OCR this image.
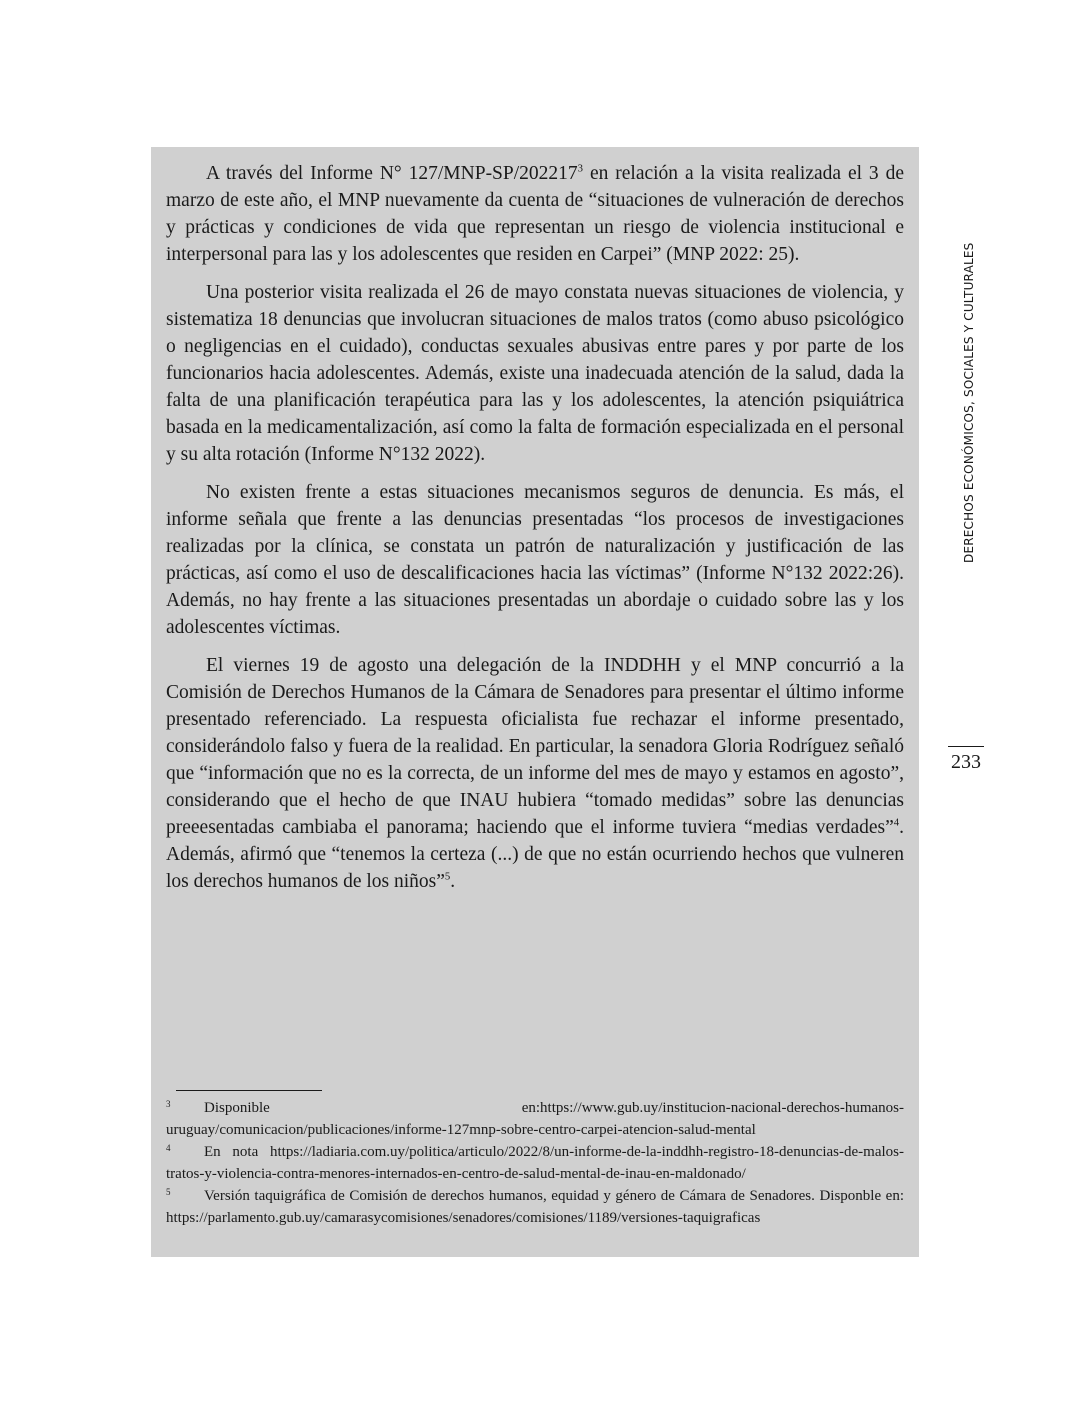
A través del Informe N° 127/MNP-SP/202217$^3$ en relación a la visita realizada el 3 de marzo de este año, el MNP nuevamente da cuenta de “situaciones de vulneración de derechos y prácticas y condiciones de vida que representan un riesgo de violencia institucional e interpersonal para las y los adolescentes que residen en Carpei” (MNP 2022: 25).

Una posterior visita realizada el 26 de mayo constata nuevas situaciones de violencia, y sistematiza 18 denuncias que involucran situaciones de malos tratos (como abuso psicológico o negligencias en el cuidado), conductas sexuales abusivas entre pares y por parte de los funcionarios hacia adolescentes. Además, existe una inadecuada atención de la salud, dada la falta de una planificación terapéutica para las y los adolescentes, la atención psiquiátrica basada en la medicamentalización, así como la falta de formación especializada en el personal y su alta rotación (Informe N°132 2022).

No existen frente a estas situaciones mecanismos seguros de denuncia. Es más, el informe señala que frente a las denuncias presentadas “los procesos de investigaciones realizadas por la clínica, se constata un patrón de naturalización y justificación de las prácticas, así como el uso de descalificaciones hacia las víctimas” (Informe N°132 2022:26). Además, no hay frente a las situaciones presentadas un abordaje o cuidado sobre las y los adolescentes víctimas.

El viernes 19 de agosto una delegación de la INDDHH y el MNP concurrió a la Comisión de Derechos Humanos de la Cámara de Senadores para presentar el último informe presentado referenciado. La respuesta oficialista fue rechazar el informe presentado, considerándolo falso y fuera de la realidad. En particular, la senadora Gloria Rodríguez señaló que “información que no es la correcta, de un informe del mes de mayo y estamos en agosto”, considerando que el hecho de que INAU hubiera “tomado medidas” sobre las denuncias preeesentadas cambiaba el panorama; haciendo que el informe tuviera “medias verdades”$^4$. Además, afirmó que “tenemos la certeza (...) de que no están ocurriendo hechos que vulneren los derechos humanos de los niños”$^5$.

3 Disponible en:https://www.gub.uy/institucion-nacional-derechos-humanos-uruguay/comunicacion/publicaciones/informe-127mnp-sobre-centro-carpei-atencion-salud-mental

4 En nota https://ladiaria.com.uy/politica/articulo/2022/8/un-informe-de-la-inddhh-registro-18-denuncias-de-malos-tratos-y-violencia-contra-menores-internados-en-centro-de-salud-mental-de-inau-en-maldonado/

5 Versión taquigráfica de Comisión de derechos humanos, equidad y género de Cámara de Senadores. Disponble en: https://parlamento.gub.uy/camarasycomisiones/senadores/comisiones/1189/versiones-taquigraficas

DERECHOS ECONÓMICOS, SOCIALES Y CULTURALES
233
